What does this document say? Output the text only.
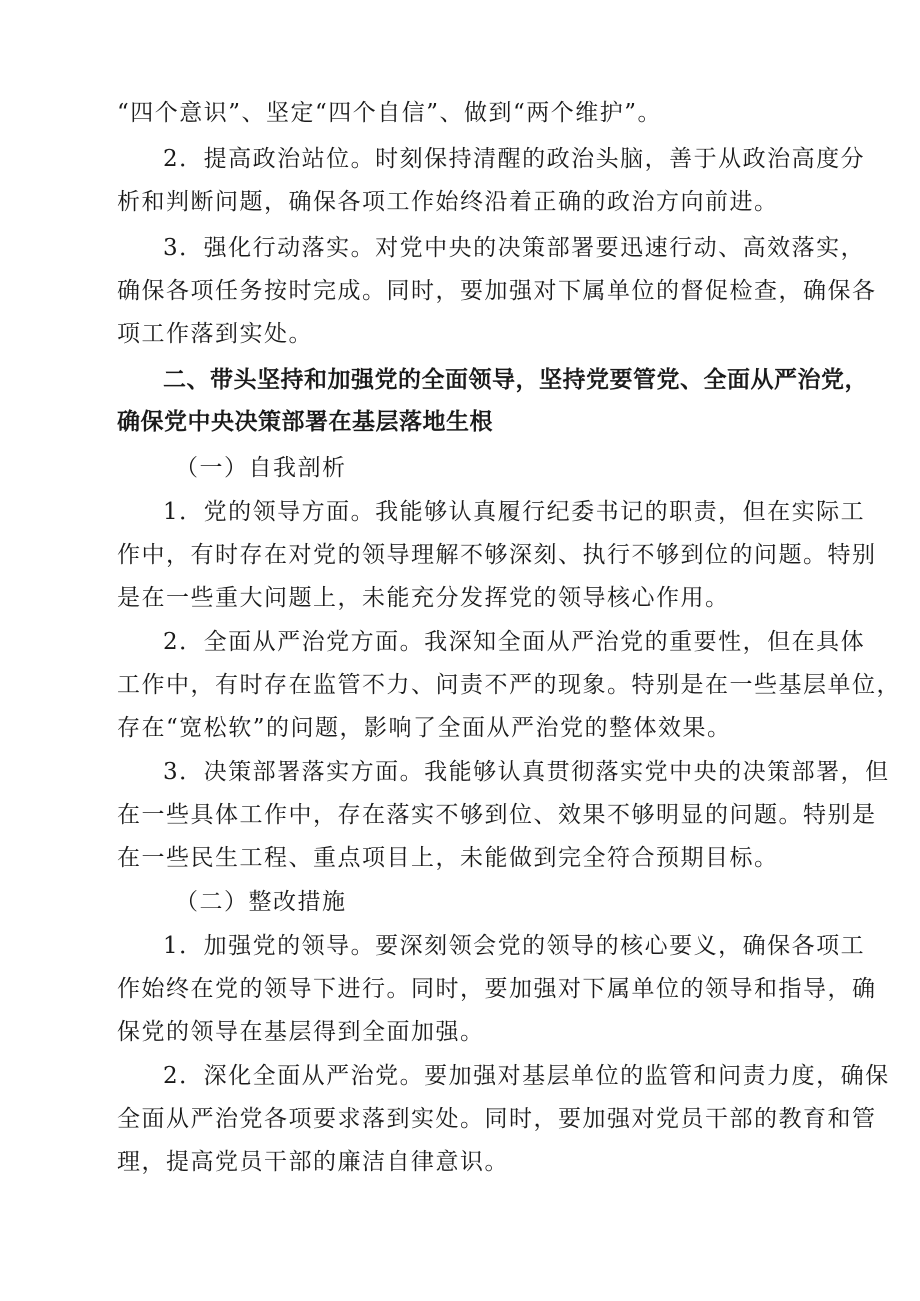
“四个意识”、坚定“四个自信”、做到“两个维护”。
2．提高政治站位。时刻保持清醒的政治头脑，善于从政治高度分
析和判断问题，确保各项工作始终沿着正确的政治方向前进。
3．强化行动落实。对党中央的决策部署要迅速行动、高效落实，
确保各项任务按时完成。同时，要加强对下属单位的督促检查，确保各
项工作落到实处。
二、带头坚持和加强党的全面领导，坚持党要管党、全面从严治党，
确保党中央决策部署在基层落地生根
（一）自我剖析
1．党的领导方面。我能够认真履行纪委书记的职责，但在实际工
作中，有时存在对党的领导理解不够深刻、执行不够到位的问题。特别
是在一些重大问题上，未能充分发挥党的领导核心作用。
2．全面从严治党方面。我深知全面从严治党的重要性，但在具体
工作中，有时存在监管不力、问责不严的现象。特别是在一些基层单位，
存在“宽松软”的问题，影响了全面从严治党的整体效果。
3．决策部署落实方面。我能够认真贯彻落实党中央的决策部署，但
在一些具体工作中，存在落实不够到位、效果不够明显的问题。特别是
在一些民生工程、重点项目上，未能做到完全符合预期目标。
（二）整改措施
1．加强党的领导。要深刻领会党的领导的核心要义，确保各项工
作始终在党的领导下进行。同时，要加强对下属单位的领导和指导，确
保党的领导在基层得到全面加强。
2．深化全面从严治党。要加强对基层单位的监管和问责力度，确保
全面从严治党各项要求落到实处。同时，要加强对党员干部的教育和管
理，提高党员干部的廉洁自律意识。
